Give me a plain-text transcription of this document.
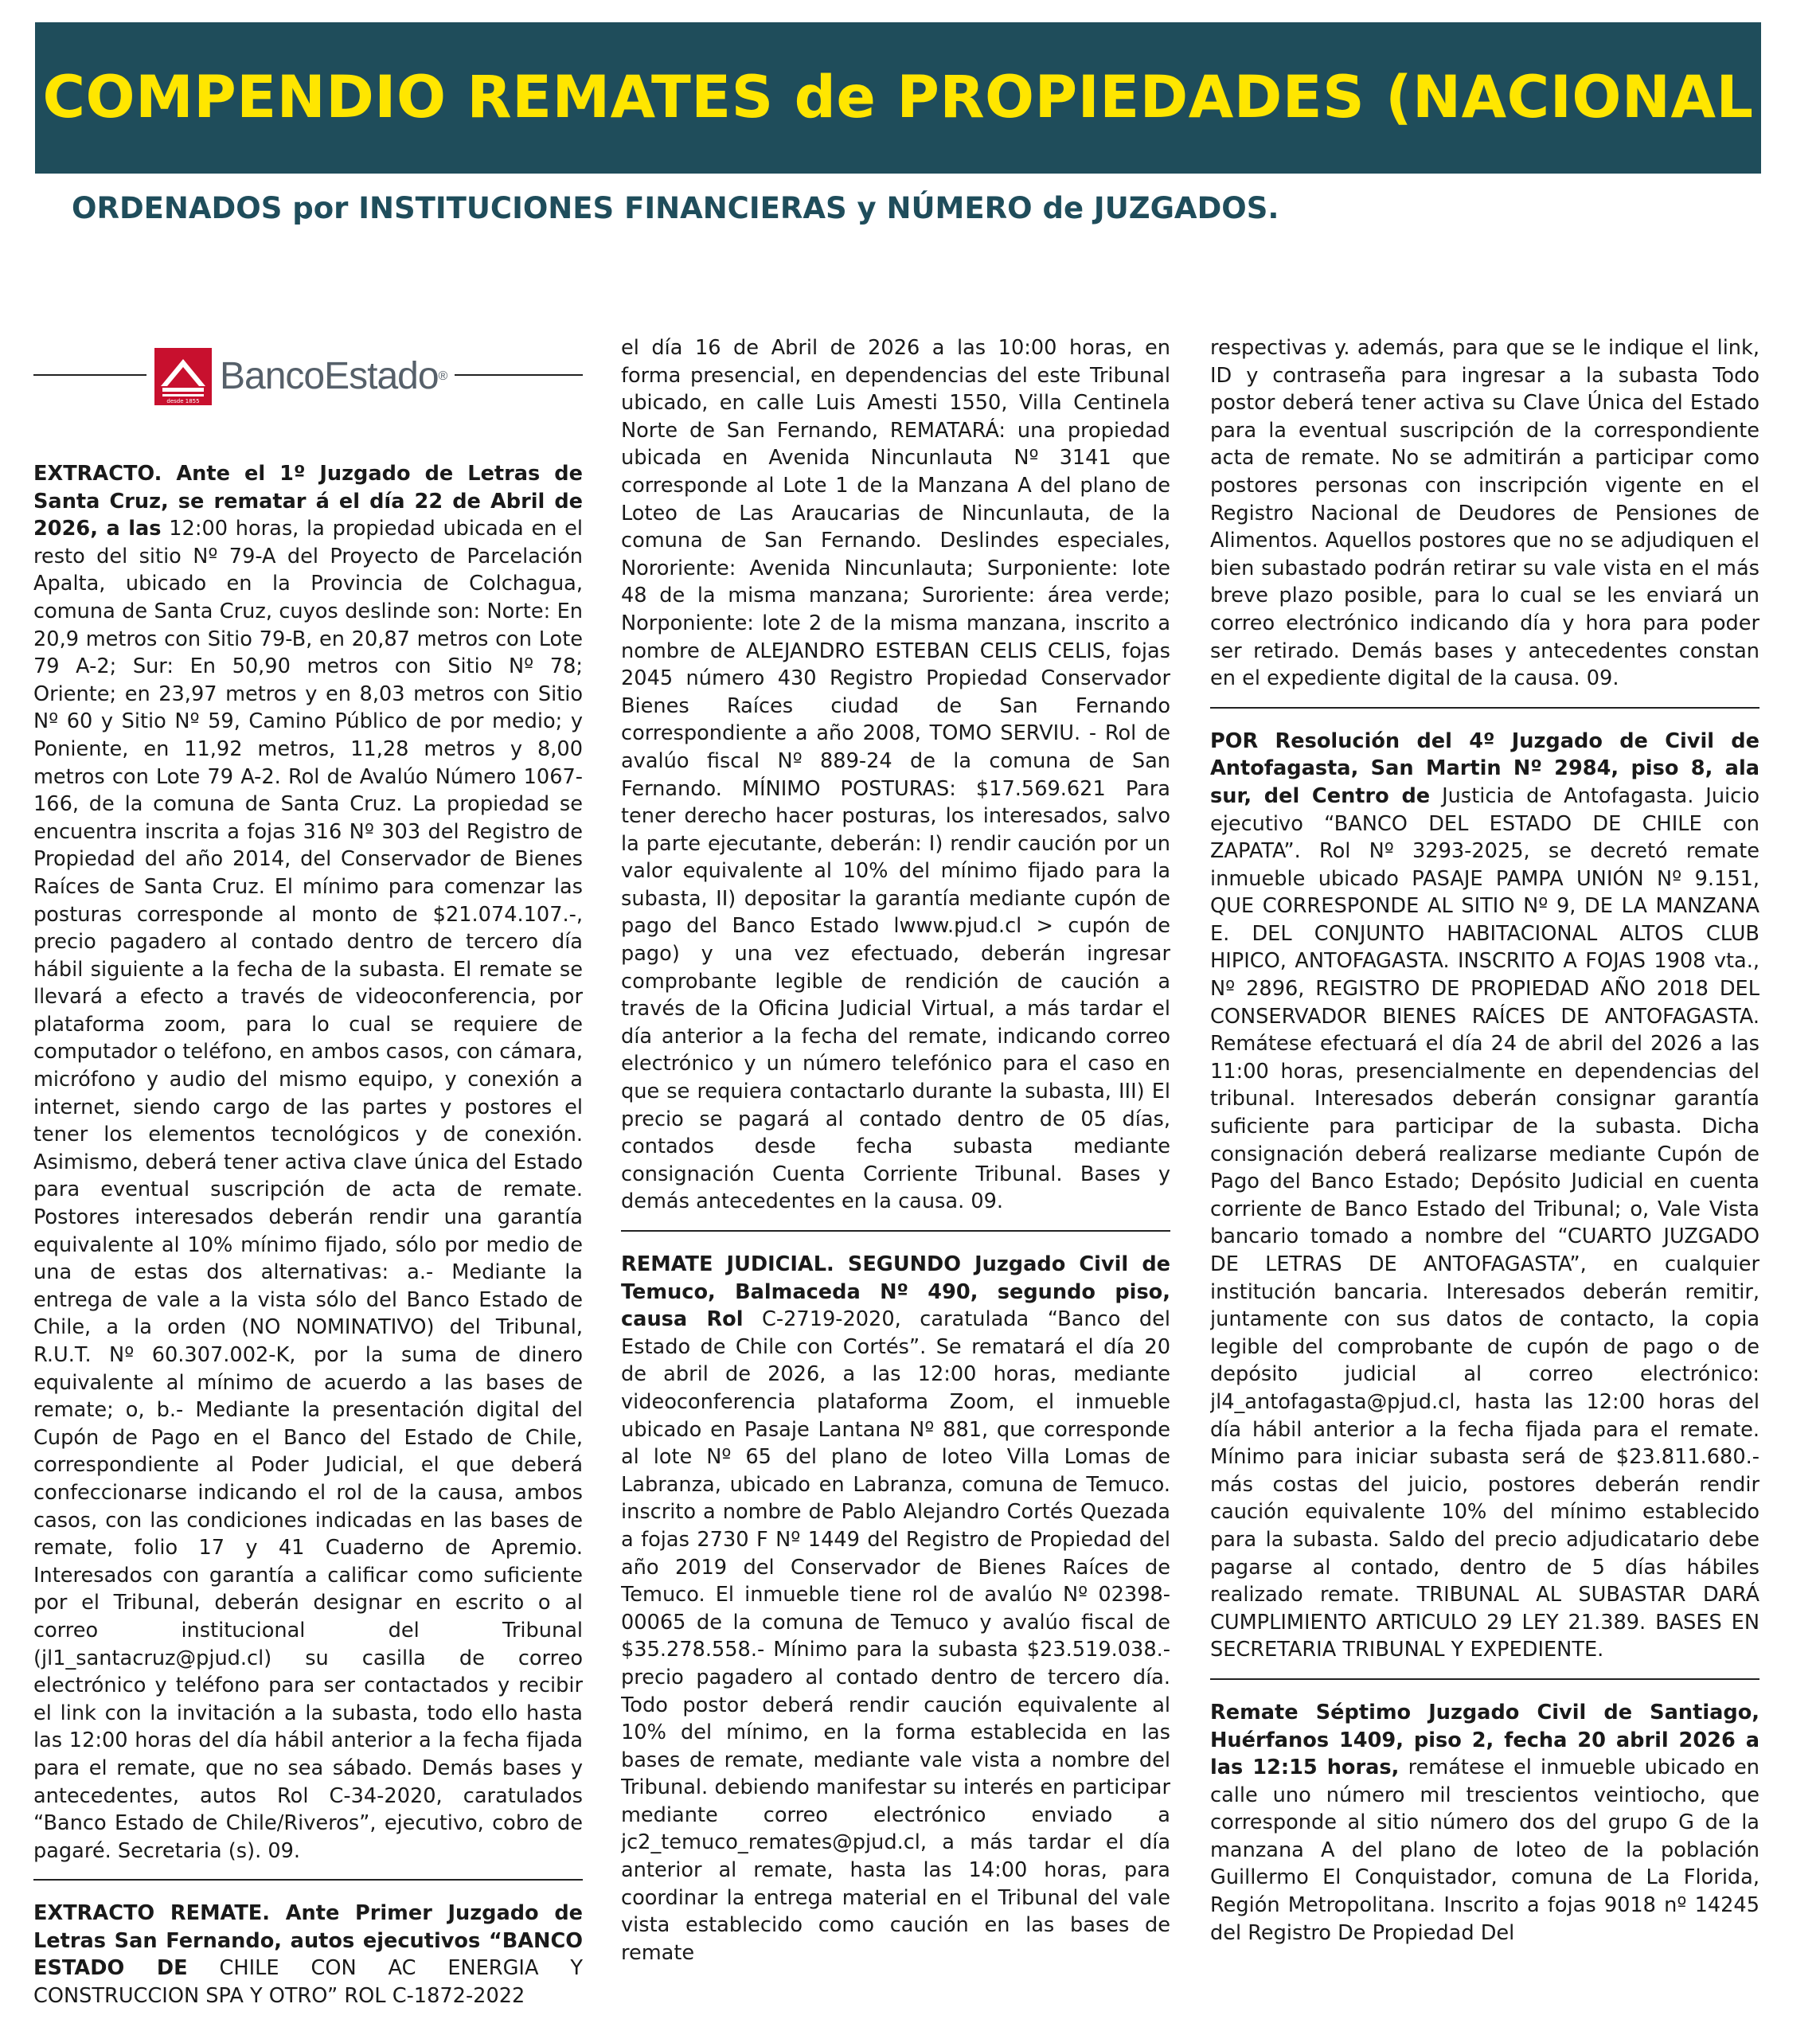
COMPENDIO REMATES de PROPIEDADES (NACIONAL
ORDENADOS por INSTITUCIONES FINANCIERAS y NÚMERO de JUZGADOS.
desde 1855
BancoEstado®

EXTRACTO. Ante el 1º Juzgado de Letras de Santa Cruz, se rematar á el día 22 de Abril de 2026, a las 12:00 horas, la propiedad ubicada en el resto del sitio Nº 79-A del Proyecto de Parcelación Apalta, ubicado en la Provincia de Colchagua, comuna de Santa Cruz, cuyos deslinde son: Norte: En 20,9 metros con Sitio 79-B, en 20,87 metros con Lote 79 A-2; Sur: En 50,90 metros con Sitio Nº 78; Oriente; en 23,97 metros y en 8,03 metros con Sitio Nº 60 y Sitio Nº 59, Camino Público de por medio; y Poniente, en 11,92 metros, 11,28 metros y 8,00 metros con Lote 79 A-2. Rol de Avalúo Número 1067-166, de la comuna de Santa Cruz. La propiedad se encuentra inscrita a fojas 316 Nº 303 del Registro de Propiedad del año 2014, del Conservador de Bienes Raíces de Santa Cruz. El mínimo para comenzar las posturas corresponde al monto de $21.074.107.-, precio pagadero al contado dentro de tercero día hábil siguiente a la fecha de la subasta. El remate se llevará a efecto a través de videoconferencia, por plataforma zoom, para lo cual se requiere de computador o teléfono, en ambos casos, con cámara, micrófono y audio del mismo equipo, y conexión a internet, siendo cargo de las partes y postores el tener los elementos tecnológicos y de conexión. Asimismo, deberá tener activa clave única del Estado para eventual suscripción de acta de remate. Postores interesados deberán rendir una garantía equivalente al 10% mínimo fijado, sólo por medio de una de estas dos alternativas: a.- Mediante la entrega de vale a la vista sólo del Banco Estado de Chile, a la orden (NO NOMINATIVO) del Tribunal, R.U.T. Nº 60.307.002-K, por la suma de dinero equivalente al mínimo de acuerdo a las bases de remate; o, b.- Mediante la presentación digital del Cupón de Pago en el Banco del Estado de Chile, correspondiente al Poder Judicial, el que deberá confeccionarse indicando el rol de la causa, ambos casos, con las condiciones indicadas en las bases de remate, folio 17 y 41 Cuaderno de Apremio. Interesados con garantía a calificar como suficiente por el Tribunal, deberán designar en escrito o al correo institucional del Tribunal (jl1_santacruz@pjud.cl) su casilla de correo electrónico y teléfono para ser contactados y recibir el link con la invitación a la subasta, todo ello hasta las 12:00 horas del día hábil anterior a la fecha fijada para el remate, que no sea sábado. Demás bases y antecedentes, autos Rol C-34-2020, caratulados “Banco Estado de Chile/Riveros”, ejecutivo, cobro de pagaré. Secretaria (s). 09.

EXTRACTO REMATE. Ante Primer Juzgado de Letras San Fernando, autos ejecutivos “BANCO ESTADO DE CHILE CON AC ENERGIA Y CONSTRUCCION SPA Y OTRO” ROL C-1872-2022

el día 16 de Abril de 2026 a las 10:00 horas, en forma presencial, en dependencias del este Tribunal ubicado, en calle Luis Amesti 1550, Villa Centinela Norte de San Fernando, REMATARÁ: una propiedad ubicada en Avenida Nincunlauta Nº 3141 que corresponde al Lote 1 de la Manzana A del plano de Loteo de Las Araucarias de Nincunlauta, de la comuna de San Fernando. Deslindes especiales, Nororiente: Avenida Nincunlauta; Surponiente: lote 48 de la misma manzana; Suroriente: área verde; Norponiente: lote 2 de la misma manzana, inscrito a nombre de ALEJANDRO ESTEBAN CELIS CELIS, fojas 2045 número 430 Registro Propiedad Conservador Bienes Raíces ciudad de San Fernando correspondiente a año 2008, TOMO SERVIU. - Rol de avalúo fiscal Nº 889-24 de la comuna de San Fernando. MÍNIMO POSTURAS: $17.569.621 Para tener derecho hacer posturas, los interesados, salvo la parte ejecutante, deberán: I) rendir caución por un valor equivalente al 10% del mínimo fijado para la subasta, II) depositar la garantía mediante cupón de pago del Banco Estado lwww.pjud.cl > cupón de pago) y una vez efectuado, deberán ingresar comprobante legible de rendición de caución a través de la Oficina Judicial Virtual, a más tardar el día anterior a la fecha del remate, indicando correo electrónico y un número telefónico para el caso en que se requiera contactarlo durante la subasta, III) El precio se pagará al contado dentro de 05 días, contados desde fecha subasta mediante consignación Cuenta Corriente Tribunal. Bases y demás antecedentes en la causa. 09.

REMATE JUDICIAL. SEGUNDO Juzgado Civil de Temuco, Balmaceda Nº 490, segundo piso, causa Rol C-2719-2020, caratulada “Banco del Estado de Chile con Cortés”. Se rematará el día 20 de abril de 2026, a las 12:00 horas, mediante videoconferencia plataforma Zoom, el inmueble ubicado en Pasaje Lantana Nº 881, que corresponde al lote Nº 65 del plano de loteo Villa Lomas de Labranza, ubicado en Labranza, comuna de Temuco. inscrito a nombre de Pablo Alejandro Cortés Quezada a fojas 2730 F Nº 1449 del Registro de Propiedad del año 2019 del Conservador de Bienes Raíces de Temuco. El inmueble tiene rol de avalúo Nº 02398- 00065 de la comuna de Temuco y avalúo fiscal de $35.278.558.- Mínimo para la subasta $23.519.038.- precio pagadero al contado dentro de tercero día. Todo postor deberá rendir caución equivalente al 10% del mínimo, en la forma establecida en las bases de remate, mediante vale vista a nombre del Tribunal. debiendo manifestar su interés en participar mediante correo electrónico enviado a jc2_temuco_remates@pjud.cl, a más tardar el día anterior al remate, hasta las 14:00 horas, para coordinar la entrega material en el Tribunal del vale vista establecido como caución en las bases de remate

respectivas y. además, para que se le indique el link, ID y contraseña para ingresar a la subasta Todo postor deberá tener activa su Clave Única del Estado para la eventual suscripción de la correspondiente acta de remate. No se admitirán a participar como postores personas con inscripción vigente en el Registro Nacional de Deudores de Pensiones de Alimentos. Aquellos postores que no se adjudiquen el bien subastado podrán retirar su vale vista en el más breve plazo posible, para lo cual se les enviará un correo electrónico indicando día y hora para poder ser retirado. Demás bases y antecedentes constan en el expediente digital de la causa. 09.

POR Resolución del 4º Juzgado de Civil de Antofagasta, San Martin Nº 2984, piso 8, ala sur, del Centro de Justicia de Antofagasta. Juicio ejecutivo “BANCO DEL ESTADO DE CHILE con ZAPATA”. Rol Nº 3293-2025, se decretó remate inmueble ubicado PASAJE PAMPA UNIÓN Nº 9.151, QUE CORRESPONDE AL SITIO Nº 9, DE LA MANZANA E. DEL CONJUNTO HABITACIONAL ALTOS CLUB HIPICO, ANTOFAGASTA. INSCRITO A FOJAS 1908 vta., Nº 2896, REGISTRO DE PROPIEDAD AÑO 2018 DEL CONSERVADOR BIENES RAÍCES DE ANTOFAGASTA. Remátese efectuará el día 24 de abril del 2026 a las 11:00 horas, presencialmente en dependencias del tribunal. Interesados deberán consignar garantía suficiente para participar de la subasta. Dicha consignación deberá realizarse mediante Cupón de Pago del Banco Estado; Depósito Judicial en cuenta corriente de Banco Estado del Tribunal; o, Vale Vista bancario tomado a nombre del “CUARTO JUZGADO DE LETRAS DE ANTOFAGASTA”, en cualquier institución bancaria. Interesados deberán remitir, juntamente con sus datos de contacto, la copia legible del comprobante de cupón de pago o de depósito judicial al correo electrónico: jl4_antofagasta@pjud.cl, hasta las 12:00 horas del día hábil anterior a la fecha fijada para el remate. Mínimo para iniciar subasta será de $23.811.680.- más costas del juicio, postores deberán rendir caución equivalente 10% del mínimo establecido para la subasta. Saldo del precio adjudicatario debe pagarse al contado, dentro de 5 días hábiles realizado remate. TRIBUNAL AL SUBASTAR DARÁ CUMPLIMIENTO ARTICULO 29 LEY 21.389. BASES EN SECRETARIA TRIBUNAL Y EXPEDIENTE.

Remate Séptimo Juzgado Civil de Santiago, Huérfanos 1409, piso 2, fecha 20 abril 2026 a las 12:15 horas, remátese el inmueble ubicado en calle uno número mil trescientos veintiocho, que corresponde al sitio número dos del grupo G de la manzana A del plano de loteo de la población Guillermo El Conquistador, comuna de La Florida, Región Metropolitana. Inscrito a fojas 9018 nº 14245 del Registro De Propiedad Del
